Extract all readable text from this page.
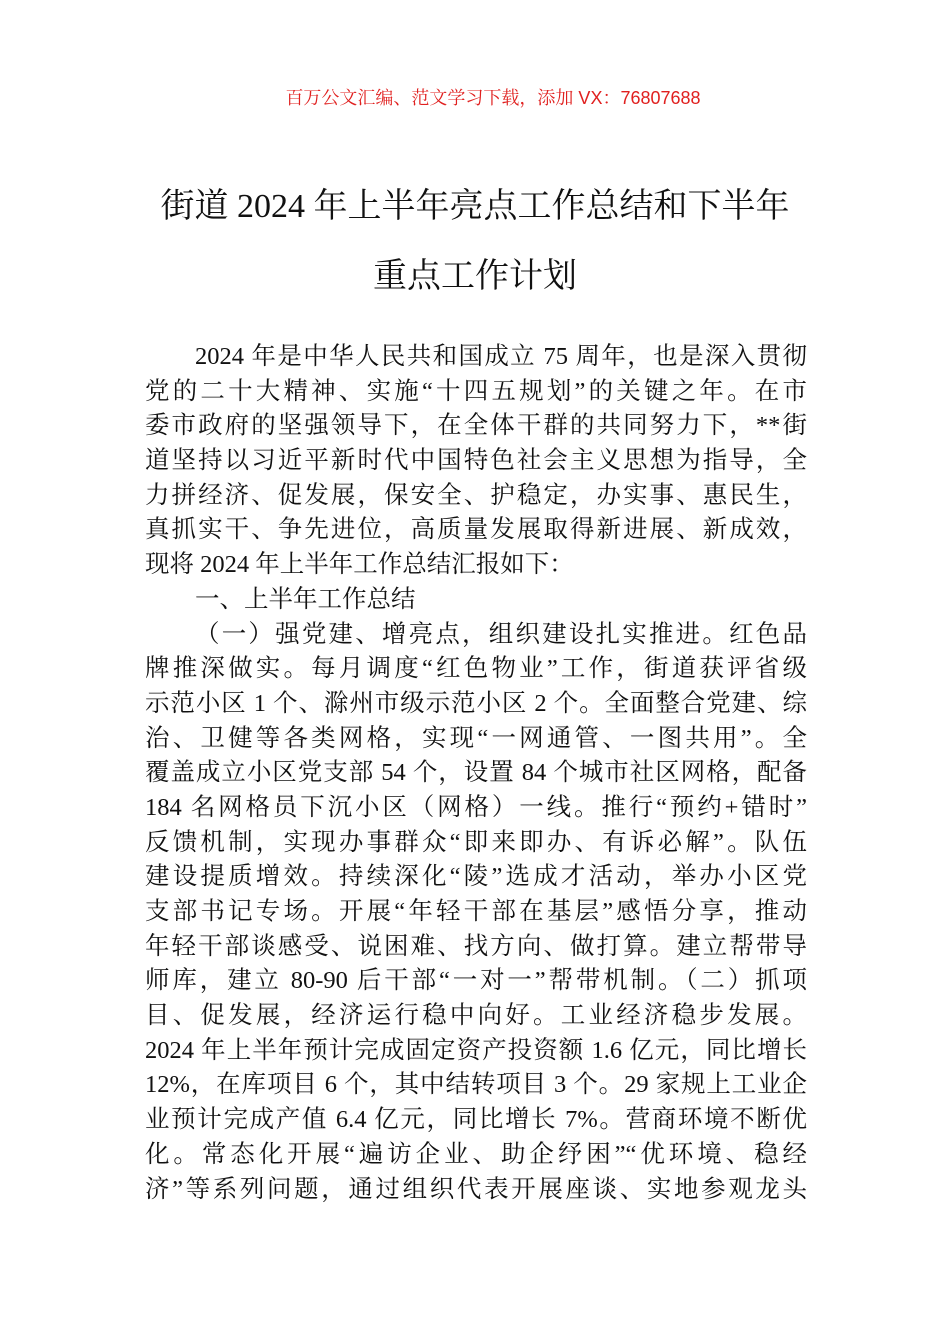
百万公文汇编、范文学习下载，添加 VX：76807688
街道 2024 年上半年亮点工作总结和下半年
重点工作计划
2024 年是中华人民共和国成立 75 周年，也是深入贯彻
党的二十大精神、实施“十四五规划”的关键之年。在市
委市政府的坚强领导下，在全体干群的共同努力下，**街
道坚持以习近平新时代中国特色社会主义思想为指导，全
力拼经济、促发展，保安全、护稳定，办实事、惠民生，
真抓实干、争先进位，高质量发展取得新进展、新成效，
现将 2024 年上半年工作总结汇报如下：
一、上半年工作总结
（一）强党建、增亮点，组织建设扎实推进。红色品
牌推深做实。每月调度“红色物业”工作，街道获评省级
示范小区 1 个、滁州市级示范小区 2 个。全面整合党建、综
治、卫健等各类网格，实现“一网通管、一图共用”。全
覆盖成立小区党支部 54 个，设置 84 个城市社区网格，配备
184 名网格员下沉小区（网格）一线。推行“预约+错时”
反馈机制，实现办事群众“即来即办、有诉必解”。队伍
建设提质增效。持续深化“陵”选成才活动，举办小区党
支部书记专场。开展“年轻干部在基层”感悟分享，推动
年轻干部谈感受、说困难、找方向、做打算。建立帮带导
师库，建立 80-90 后干部“一对一”帮带机制。（二）抓项
目、促发展，经济运行稳中向好。工业经济稳步发展。
2024 年上半年预计完成固定资产投资额 1.6 亿元，同比增长
12%，在库项目 6 个，其中结转项目 3 个。29 家规上工业企
业预计完成产值 6.4 亿元，同比增长 7%。营商环境不断优
化。常态化开展“遍访企业、助企纾困”“优环境、稳经
济”等系列问题，通过组织代表开展座谈、实地参观龙头
